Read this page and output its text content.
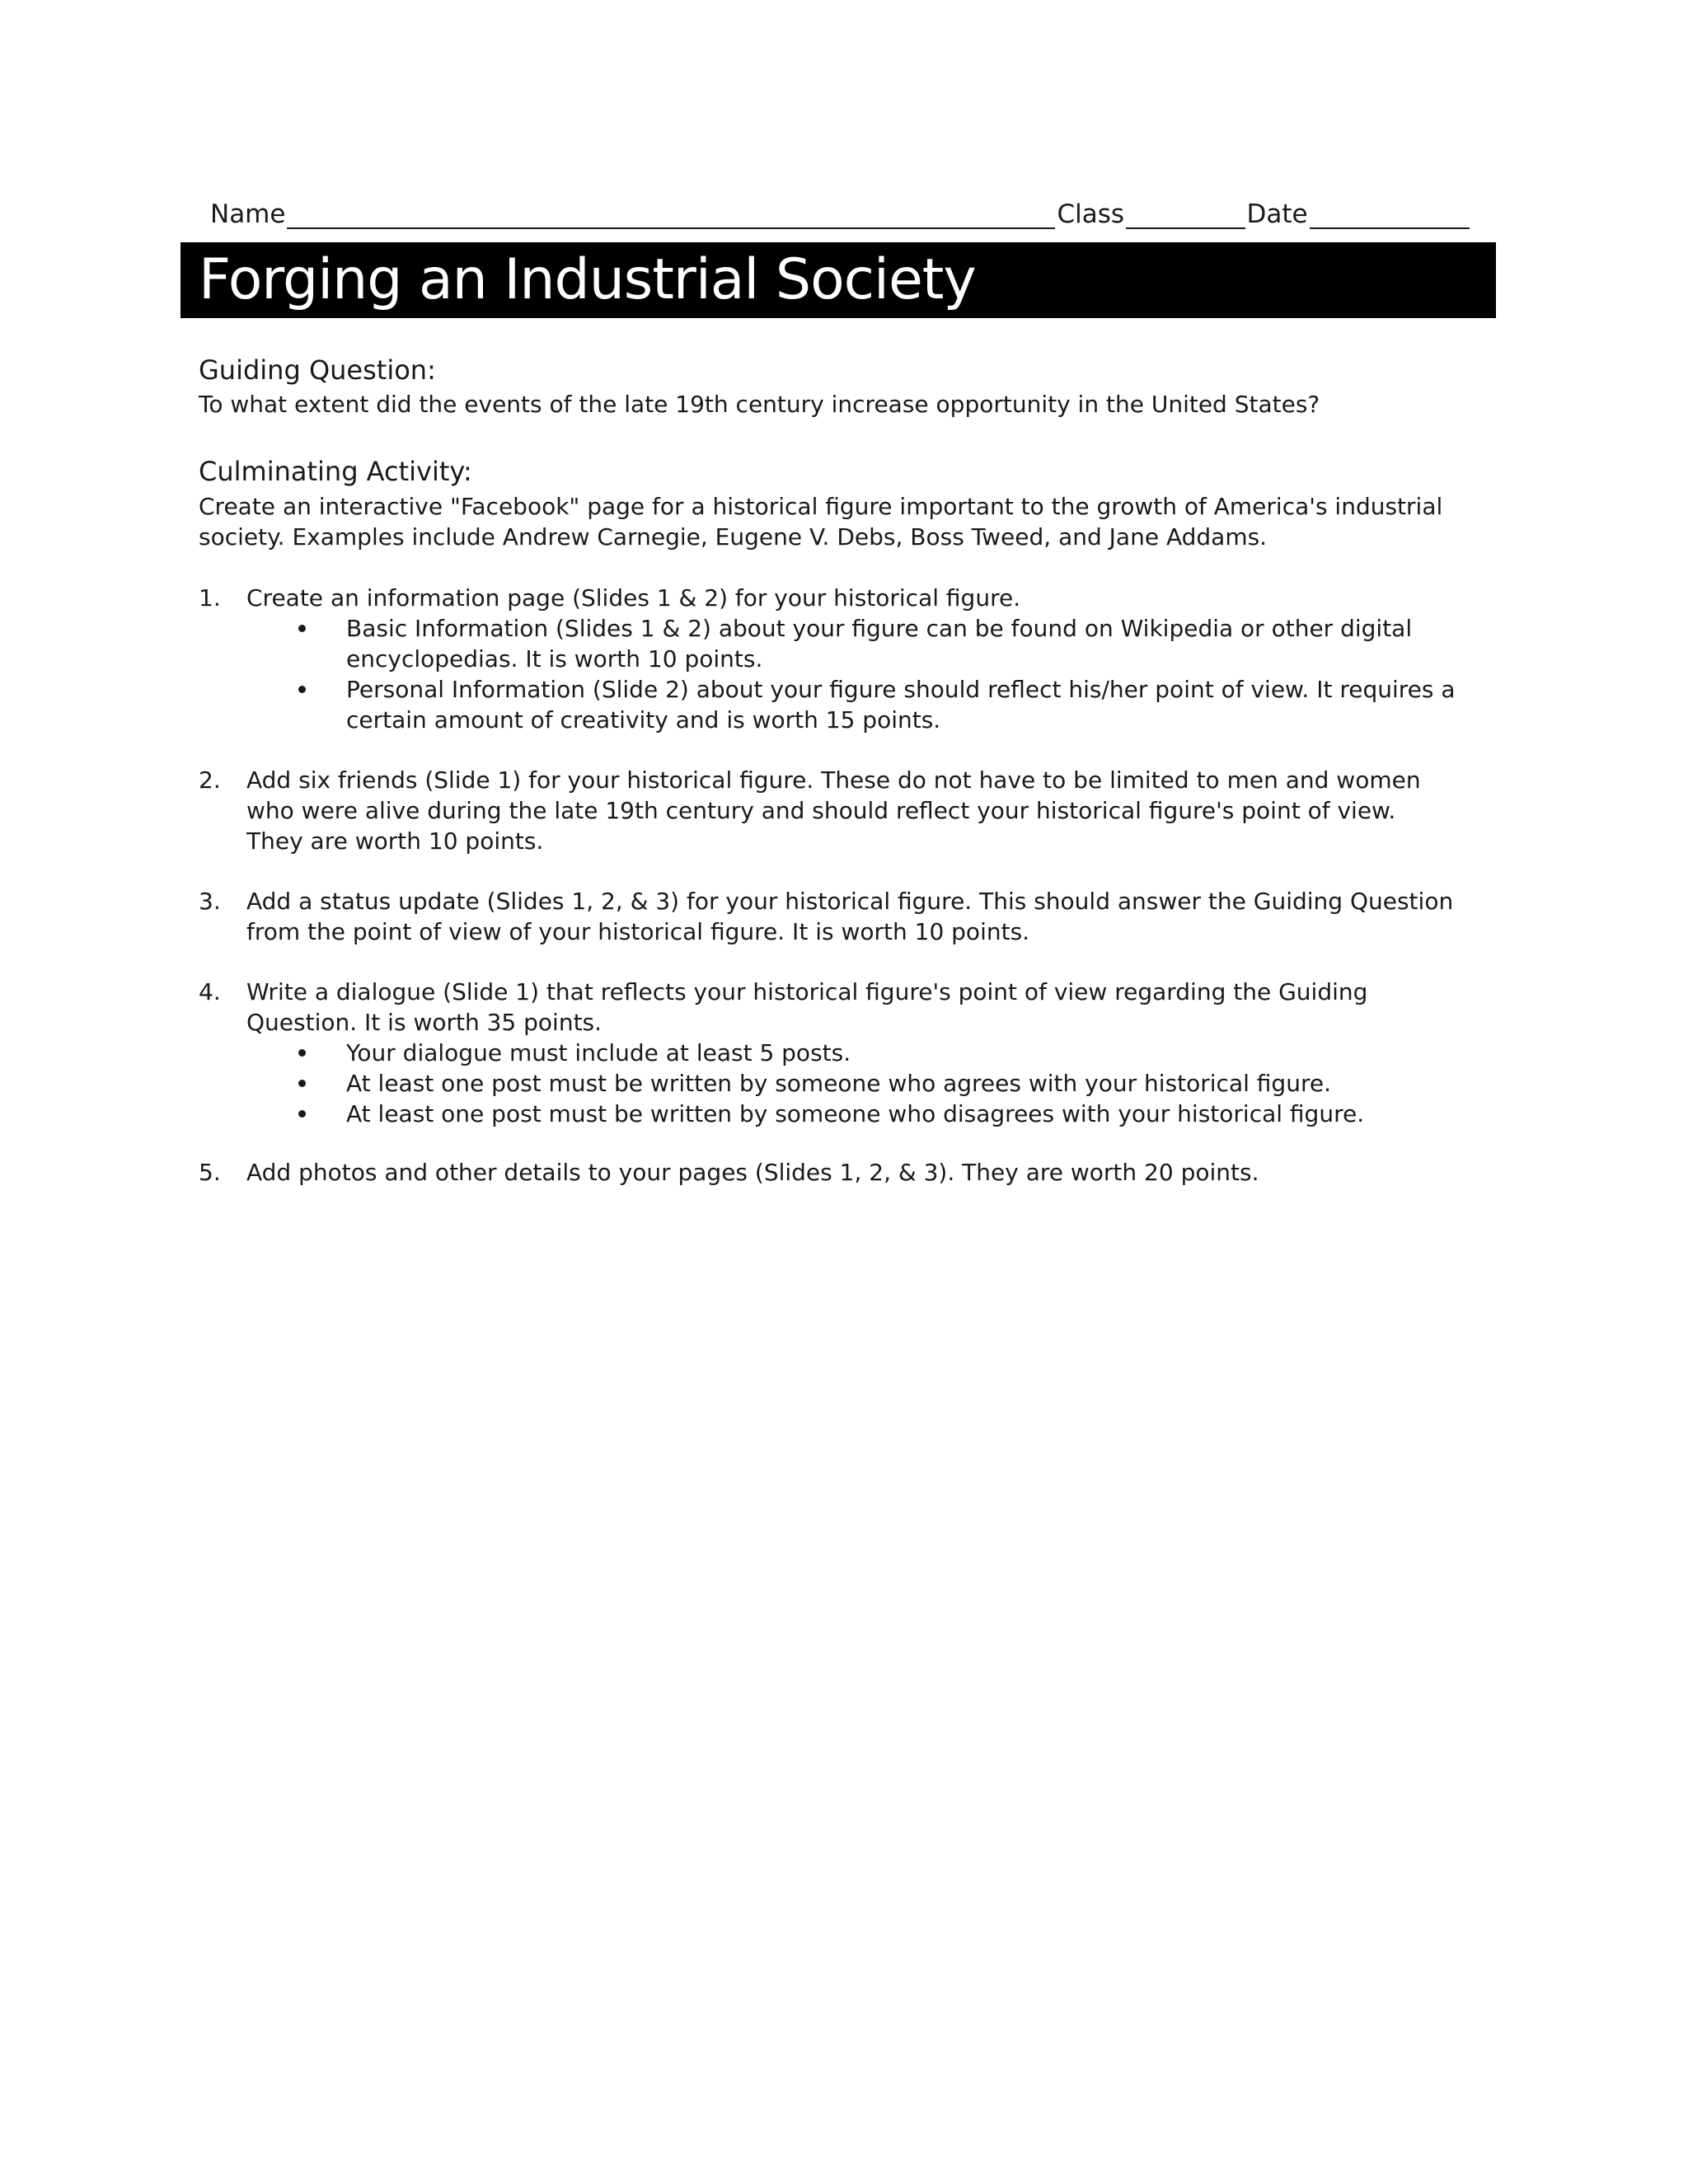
Name	Class	Date
Forging an Industrial Society
Guiding Question:

To what extent did the events of the late 19th century increase opportunity in the United States?

Culminating Activity:
Create an interactive "Facebook" page for a historical figure important to the growth of America's industrial
society. Examples include Andrew Carnegie, Eugene V. Debs, Boss Tweed, and Jane Addams.
1. Create an information page (Slides 1 & 2) for your historical figure.
Basic Information (Slides 1 & 2) about your figure can be found on Wikipedia or other digital
encyclopedias. It is worth 10 points.
Personal Information (Slide 2) about your figure should reflect his/her point of view. It requires a
certain amount of creativity and is worth 15 points.
2. Add six friends (Slide 1) for your historical figure. These do not have to be limited to men and women
who were alive during the late 19th century and should reflect your historical figure's point of view.
They are worth 10 points.
3. Add a status update (Slides 1, 2, & 3) for your historical figure. This should answer the Guiding Question
from the point of view of your historical figure. It is worth 10 points.
4. Write a dialogue (Slide 1) that reflects your historical figure's point of view regarding the Guiding
Question. It is worth 35 points.
Your dialogue must include at least 5 posts.
At least one post must be written by someone who agrees with your historical figure.
At least one post must be written by someone who disagrees with your historical figure.
5. Add photos and other details to your pages (Slides 1, 2, & 3). They are worth 20 points.
